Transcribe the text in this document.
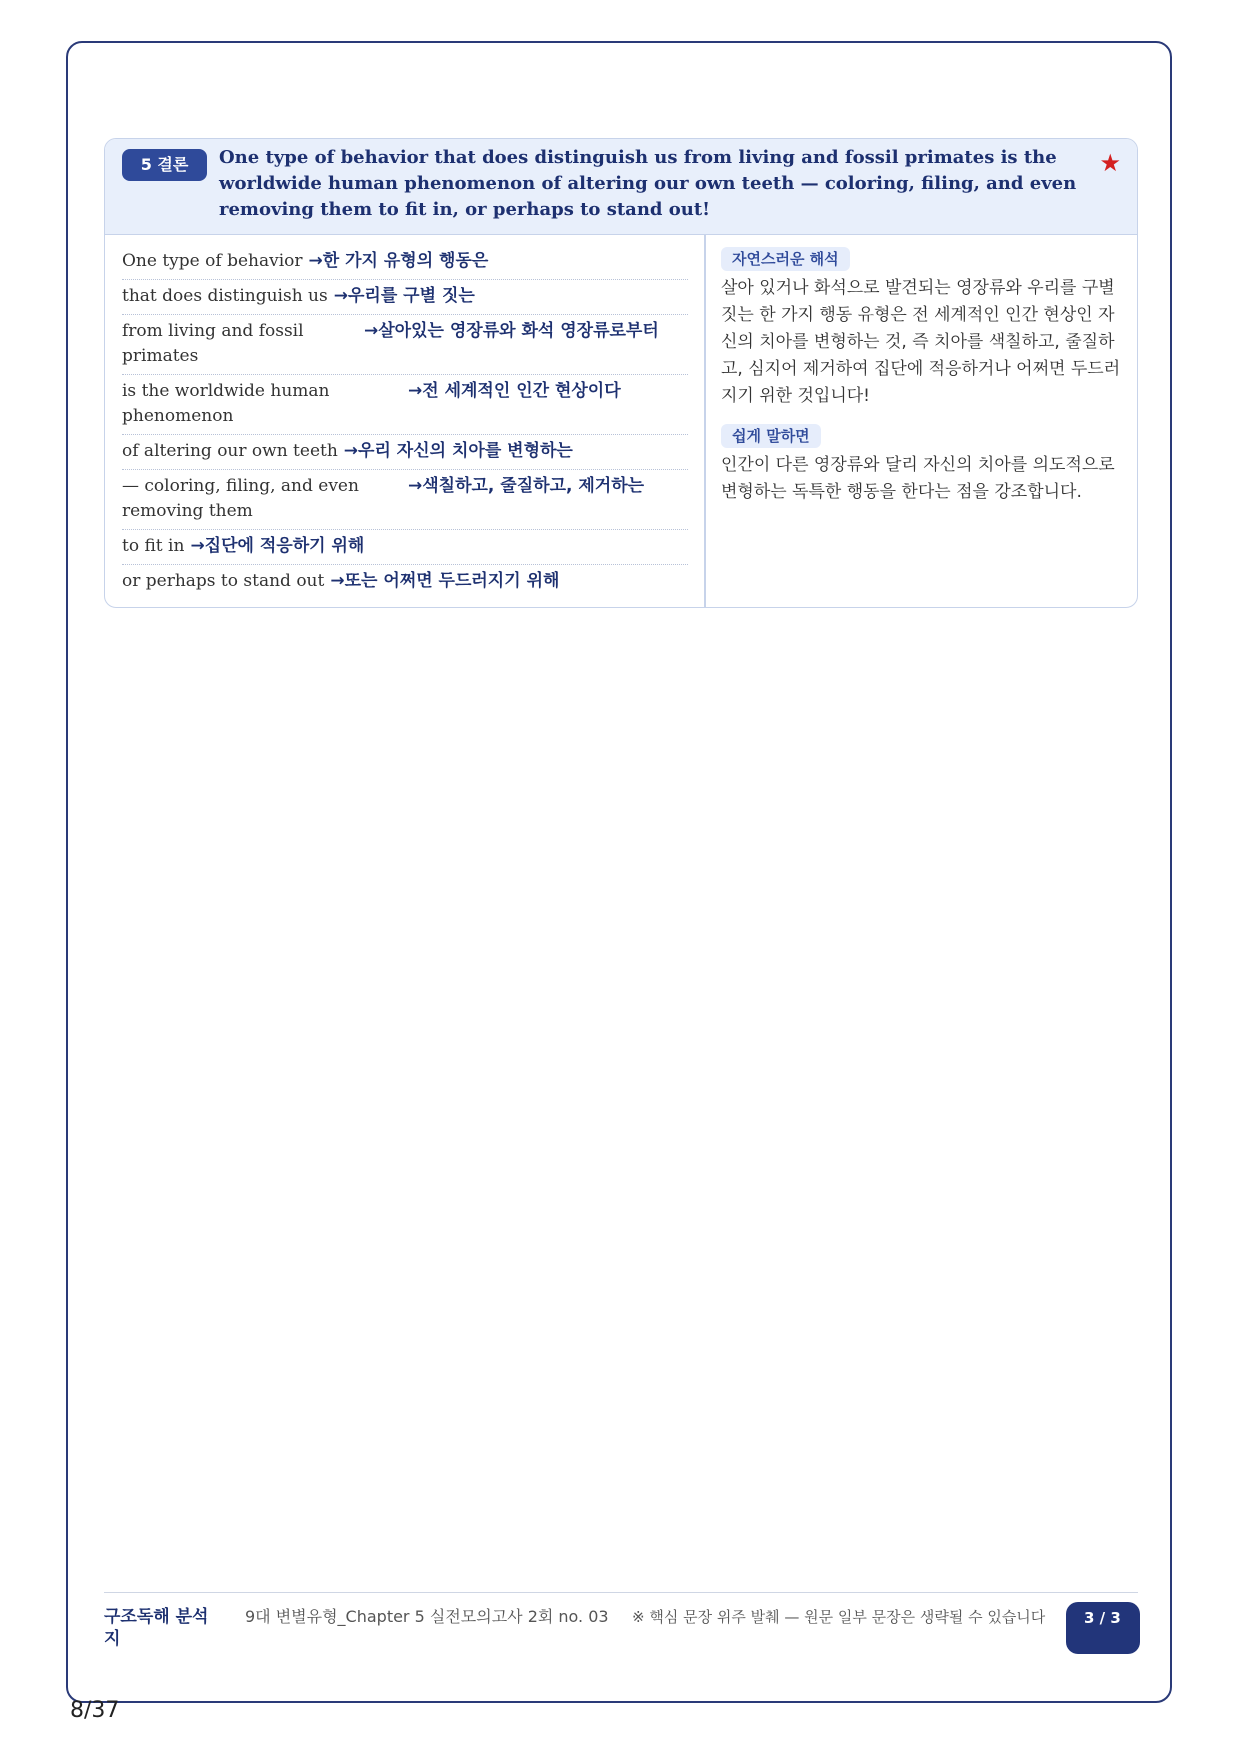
5 결론	One type of behavior that does distinguish us from living and fossil primates is the worldwide human phenomenon of altering our own teeth — coloring, filing, and even removing them to fit in, or perhaps to stand out!
★
One type of behavior →한 가지 유형의 행동은
that does distinguish us →우리를 구별 짓는
from living and fossil primates
→살아있는 영장류와 화석 영장류로부터
is the worldwide human phenomenon
→전 세계적인 인간 현상이다
of altering our own teeth →우리 자신의 치아를 변형하는
— coloring, filing, and even removing them
→색칠하고, 줄질하고, 제거하는
to fit in →집단에 적응하기 위해
or perhaps to stand out →또는 어쩌면 두드러지기 위해
자연스러운 해석
살아 있거나 화석으로 발견되는 영장류와 우리를 구별 짓는 한 가지 행동 유형은 전 세계적인 인간 현상인 자신의 치아를 변형하는 것, 즉 치아를 색칠하고, 줄질하고, 심지어 제거하여 집단에 적응하거나 어쩌면 두드러지기 위한 것입니다!
쉽게 말하면
인간이 다른 영장류와 달리 자신의 치아를 의도적으로 변형하는 독특한 행동을 한다는 점을 강조합니다.
구조독해 분석지
9대 변별유형_Chapter 5 실전모의고사 2회 no. 03	※ 핵심 문장 위주 발췌 — 원문 일부 문장은 생략될 수 있습니다	3 / 3
8/37
